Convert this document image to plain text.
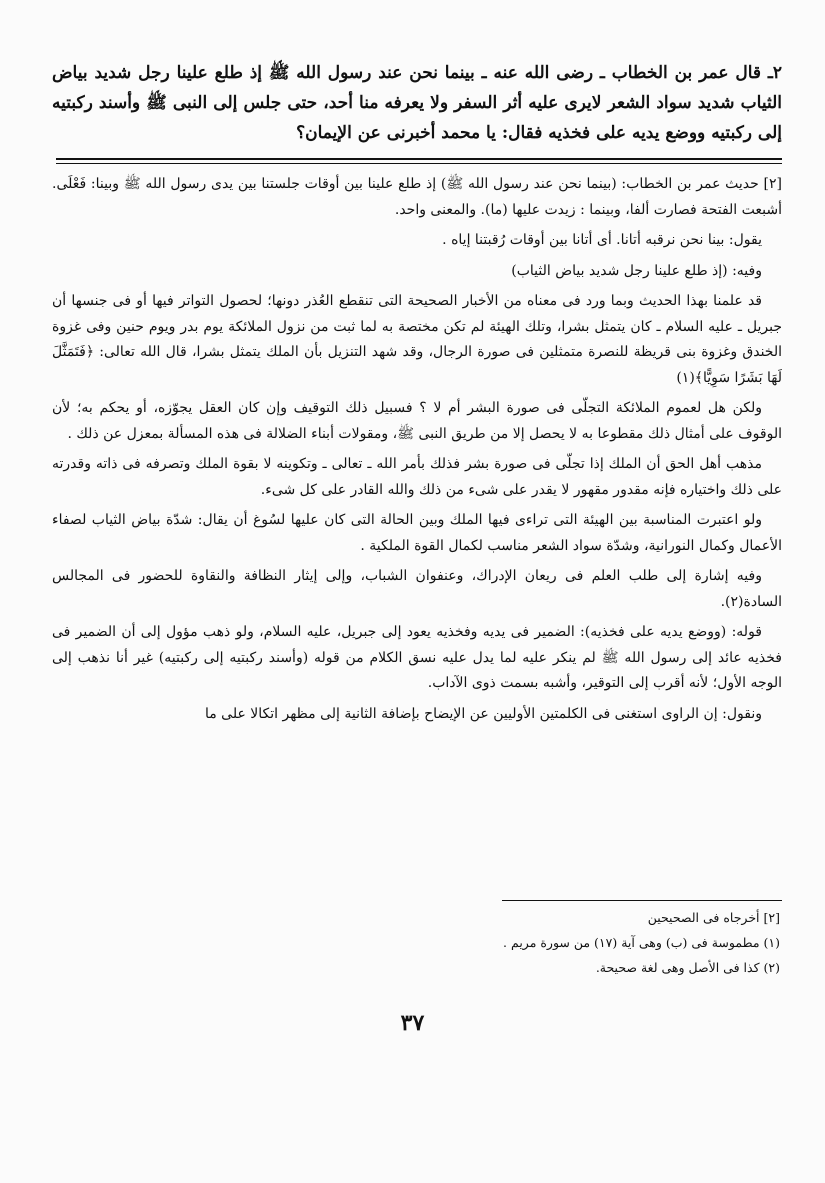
٢ـ قال عمر بن الخطاب ـ رضى الله عنه ـ بينما نحن عند رسول الله ﷺ إذ طلع علينا رجل شديد بياض الثياب شديد سواد الشعر لايرى عليه أثر السفر ولا يعرفه منا أحد، حتى جلس إلى النبى ﷺ وأسند ركبتيه إلى ركبتيه ووضع يديه على فخذيه فقال: يا محمد أخبرنى عن الإيمان؟

[٢] حديث عمر بن الخطاب: (بينما نحن عند رسول الله ﷺ) إذ طلع علينا بين أوقات جلستنا بين يدى رسول الله ﷺ وبينا: فَعْلَى. أشبعت الفتحة فصارت ألفا، وبينما : زيدت عليها (ما). والمعنى واحد.

يقول: بينا نحن نرقبه أتانا. أى أتانا بين أوقات رُقبتنا إياه .

وفيه: (إذ طلع علينا رجل شديد بياض الثياب)

قد علمنا بهذا الحديث وبما ورد فى معناه من الأخبار الصحيحة التى تنقطع العُذر دونها؛ لحصول التواتر فيها أو فى جنسها أن جبريل ـ عليه السلام ـ كان يتمثل بشرا، وتلك الهيئة لم تكن مختصة به لما ثبت من نزول الملائكة يوم بدر ويوم حنين وفى غزوة الخندق وغزوة بنى قريظة للنصرة متمثلين فى صورة الرجال، وقد شهد التنزيل بأن الملك يتمثل بشرا، قال الله تعالى: ﴿فَتَمَثَّلَ لَهَا بَشَرًا سَوِيًّا﴾(١)

ولكن هل لعموم الملائكة التجلّى فى صورة البشر أم لا ؟ فسبيل ذلك التوقيف وإن كان العقل يجوّزه، أو يحكم به؛ لأن الوقوف على أمثال ذلك مقطوعا به لا يحصل إلا من طريق النبى ﷺ، ومقولات أبناء الضلالة فى هذه المسألة بمعزل عن ذلك .

مذهب أهل الحق أن الملك إذا تجلّى فى صورة بشر فذلك بأمر الله ـ تعالى ـ وتكوينه لا بقوة الملك وتصرفه فى ذاته وقدرته على ذلك واختياره فإنه مقدور مقهور لا يقدر على شىء من ذلك والله القادر على كل شىء.

ولو اعتبرت المناسبة بين الهيئة التى تراءى فيها الملك وبين الحالة التى كان عليها لسُوغ أن يقال: شدّة بياض الثياب لصفاء الأعمال وكمال النورانية، وشدّة سواد الشعر مناسب لكمال القوة الملكية .

وفيه إشارة إلى طلب العلم فى ريعان الإدراك، وعنفوان الشباب، وإلى إيثار النظافة والنقاوة للحضور فى المجالس السادة(٢).

قوله: (ووضع يديه على فخذيه): الضمير فى يديه وفخذيه يعود إلى جبريل، عليه السلام، ولو ذهب مؤول إلى أن الضمير فى فخذيه عائد إلى رسول الله ﷺ لم ينكر عليه لما يدل عليه نسق الكلام من قوله (وأسند ركبتيه إلى ركبتيه) غير أنا نذهب إلى الوجه الأول؛ لأنه أقرب إلى التوقير، وأشبه بسمت ذوى الآداب.

ونقول: إن الراوى استغنى فى الكلمتين الأوليين عن الإيضاح بإضافة الثانية إلى مظهر اتكالا على ما

[٢] أخرجاه فى الصحيحين
(١) مطموسة فى (ب) وهى آية (١٧) من سورة مريم .
(٢) كذا فى الأصل وهى لغة صحيحة.
٣٧
